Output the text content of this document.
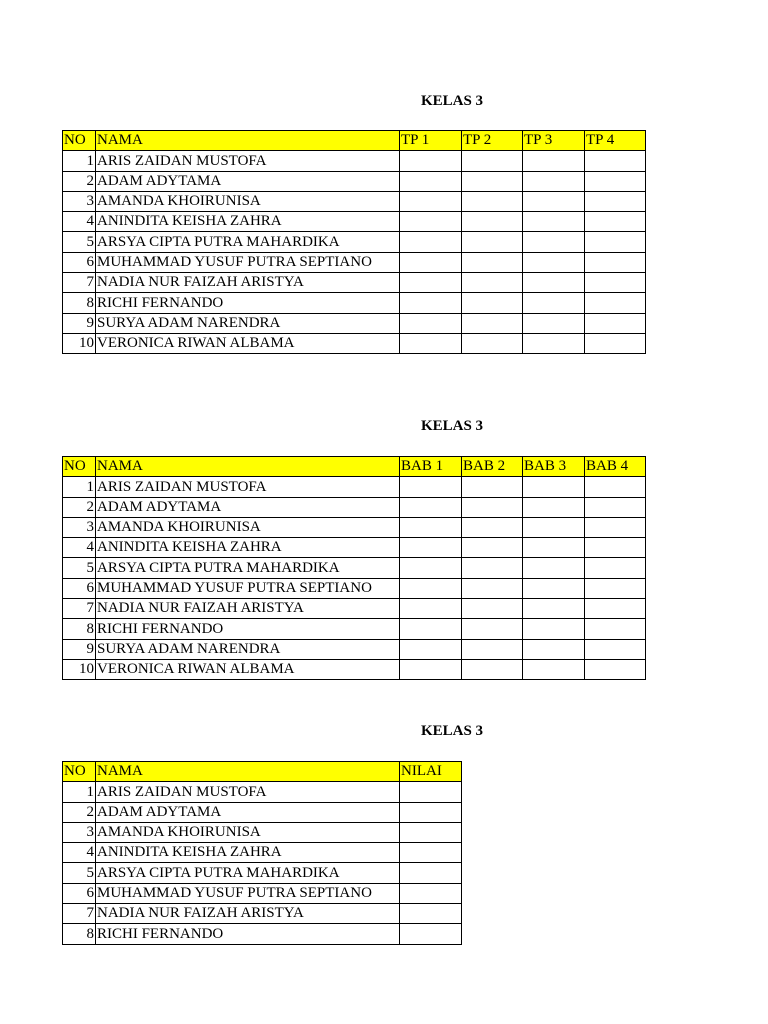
KELAS 3
NO	NAMA	TP 1	TP 2	TP 3	TP 4
1	ARIS ZAIDAN MUSTOFA				
2	ADAM ADYTAMA				
3	AMANDA KHOIRUNISA				
4	ANINDITA KEISHA ZAHRA				
5	ARSYA CIPTA PUTRA MAHARDIKA				
6	MUHAMMAD YUSUF PUTRA SEPTIANO				
7	NADIA NUR FAIZAH ARISTYA				
8	RICHI FERNANDO				
9	SURYA ADAM NARENDRA				
10	VERONICA RIWAN ALBAMA				
KELAS 3
NO	NAMA	BAB 1	BAB 2	BAB 3	BAB 4
1	ARIS ZAIDAN MUSTOFA				
2	ADAM ADYTAMA				
3	AMANDA KHOIRUNISA				
4	ANINDITA KEISHA ZAHRA				
5	ARSYA CIPTA PUTRA MAHARDIKA				
6	MUHAMMAD YUSUF PUTRA SEPTIANO				
7	NADIA NUR FAIZAH ARISTYA				
8	RICHI FERNANDO				
9	SURYA ADAM NARENDRA				
10	VERONICA RIWAN ALBAMA				
KELAS 3
NO	NAMA	NILAI
1	ARIS ZAIDAN MUSTOFA	
2	ADAM ADYTAMA	
3	AMANDA KHOIRUNISA	
4	ANINDITA KEISHA ZAHRA	
5	ARSYA CIPTA PUTRA MAHARDIKA	
6	MUHAMMAD YUSUF PUTRA SEPTIANO	
7	NADIA NUR FAIZAH ARISTYA	
8	RICHI FERNANDO	
